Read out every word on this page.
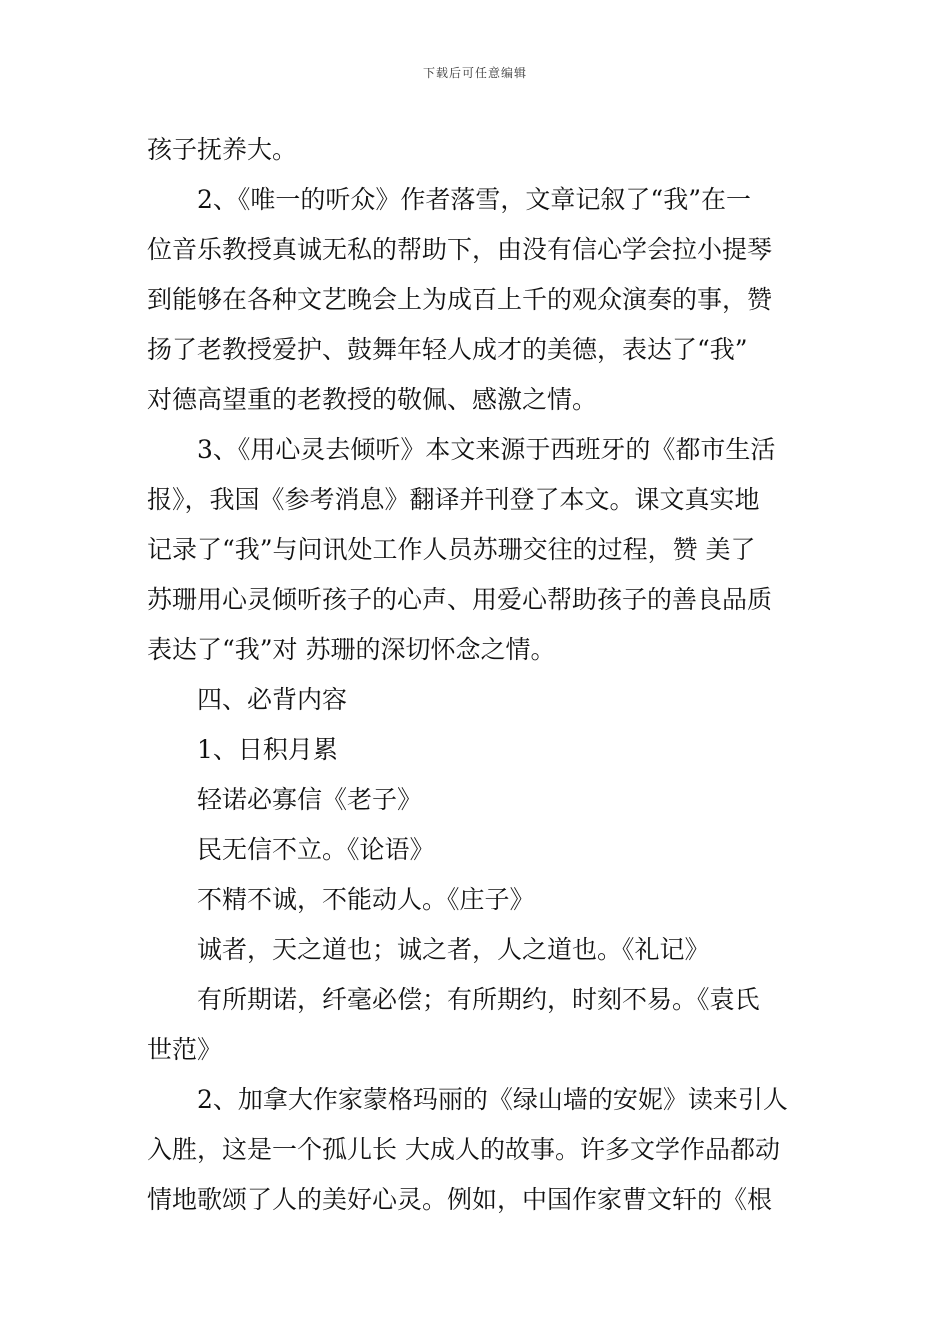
下载后可任意编辑
孩子抚养大。
2、《唯一的听众》作者落雪，文章记叙了“我”在一
位音乐教授真诚无私的帮助下，由没有信心学会拉小提琴
到能够在各种文艺晚会上为成百上千的观众演奏的事，赞
扬了老教授爱护、鼓舞年轻人成才的美德，表达了“我”
对德高望重的老教授的敬佩、感激之情。
3、《用心灵去倾听》本文来源于西班牙的《都市生活
报》，我国《参考消息》翻译并刊登了本文。课文真实地
记录了“我”与问讯处工作人员苏珊交往的过程，赞 美了
苏珊用心灵倾听孩子的心声、用爱心帮助孩子的善良品质
表达了“我”对 苏珊的深切怀念之情。
四、必背内容
1、日积月累
轻诺必寡信《老子》
民无信不立。《论语》
不精不诚，不能动人。《庄子》
诚者，天之道也；诚之者，人之道也。《礼记》
有所期诺，纤毫必偿；有所期约，时刻不易。《袁氏
世范》
2、加拿大作家蒙格玛丽的《绿山墙的安妮》读来引人
入胜，这是一个孤儿长 大成人的故事。许多文学作品都动
情地歌颂了人的美好心灵。例如，中国作家曹文轩的《根
